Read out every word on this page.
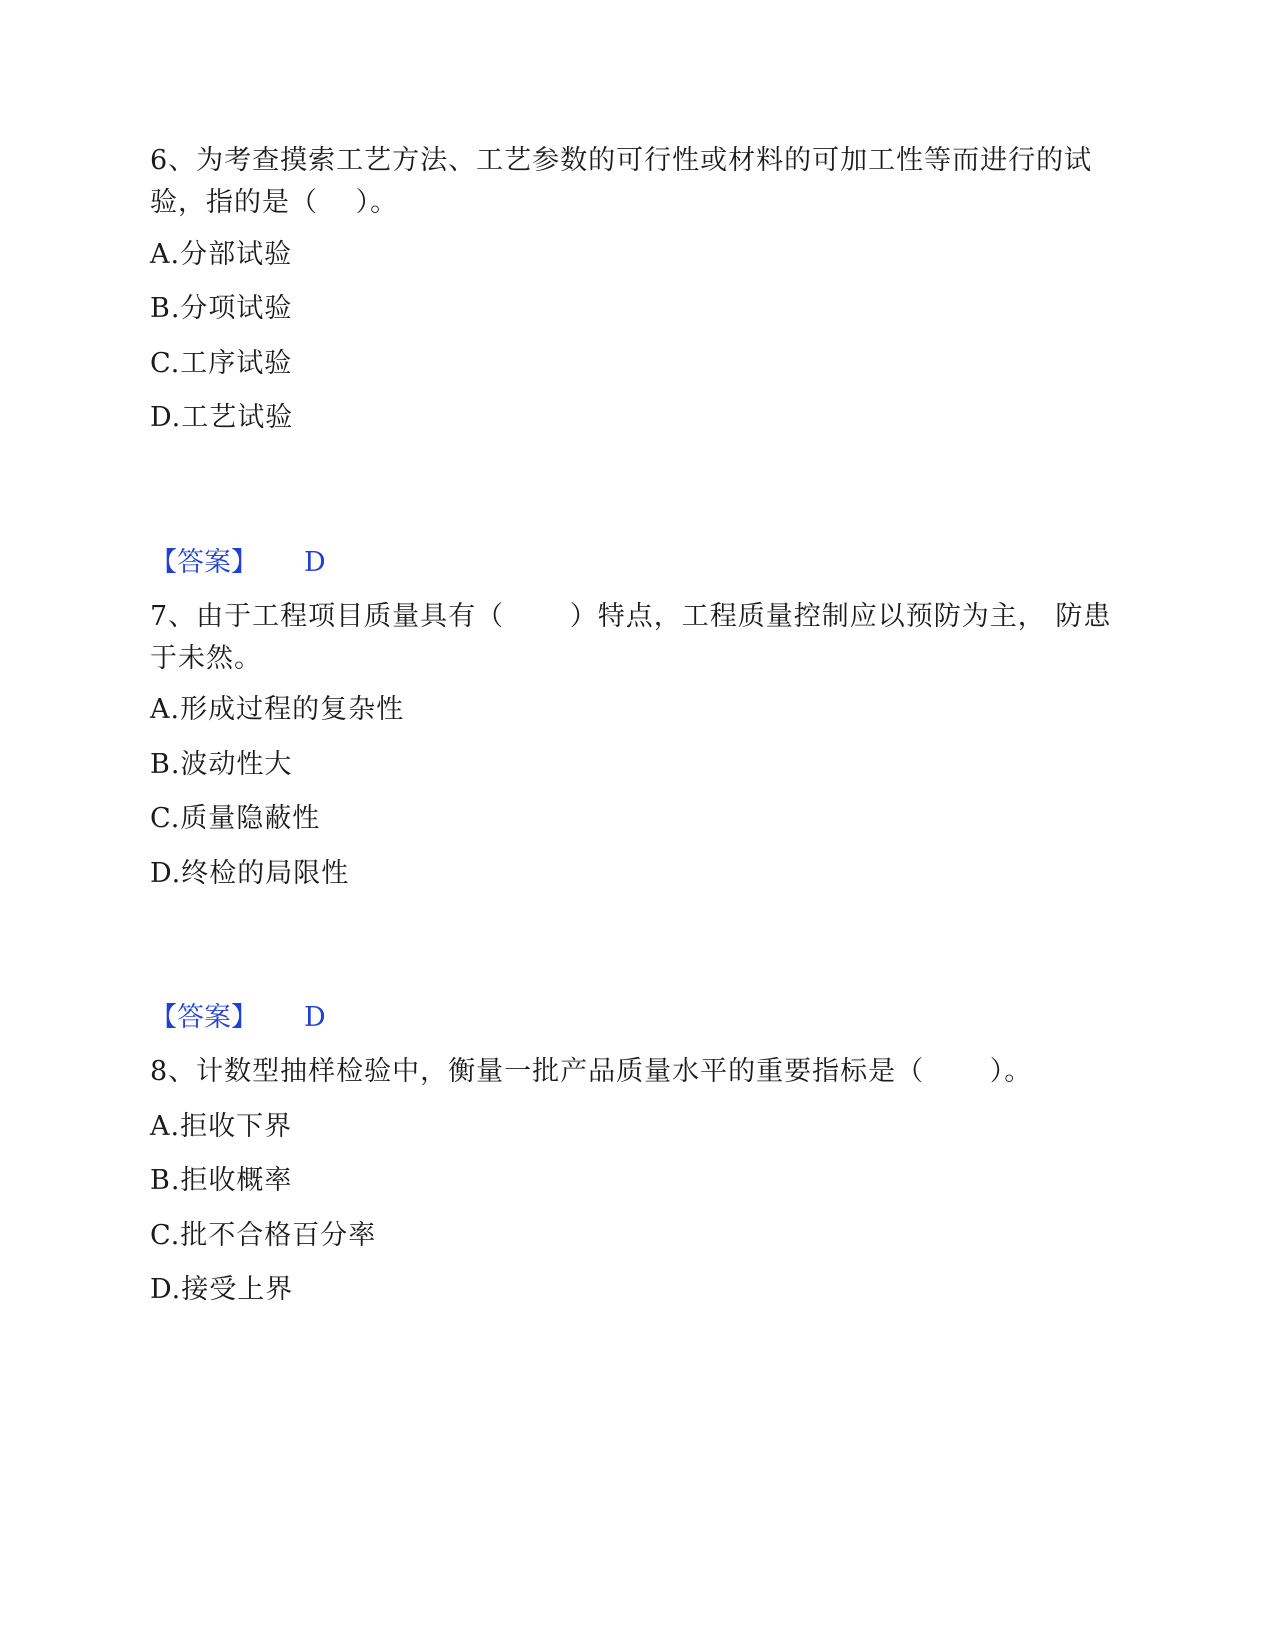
6、为考查摸索工艺方法、工艺参数的可行性或材料的可加工性等而进行的试验，指的是（　 ）。
A.分部试验
B.分项试验
C.工序试验
D.工艺试验
【答案】 D
7、由于工程项目质量具有（　　 ）特点，工程质量控制应以预防为主， 防患于未然。
A.形成过程的复杂性
B.波动性大
C.质量隐蔽性
D.终检的局限性
【答案】 D
8、计数型抽样检验中，衡量一批产品质量水平的重要指标是（　　 ）。
A.拒收下界
B.拒收概率
C.批不合格百分率
D.接受上界
